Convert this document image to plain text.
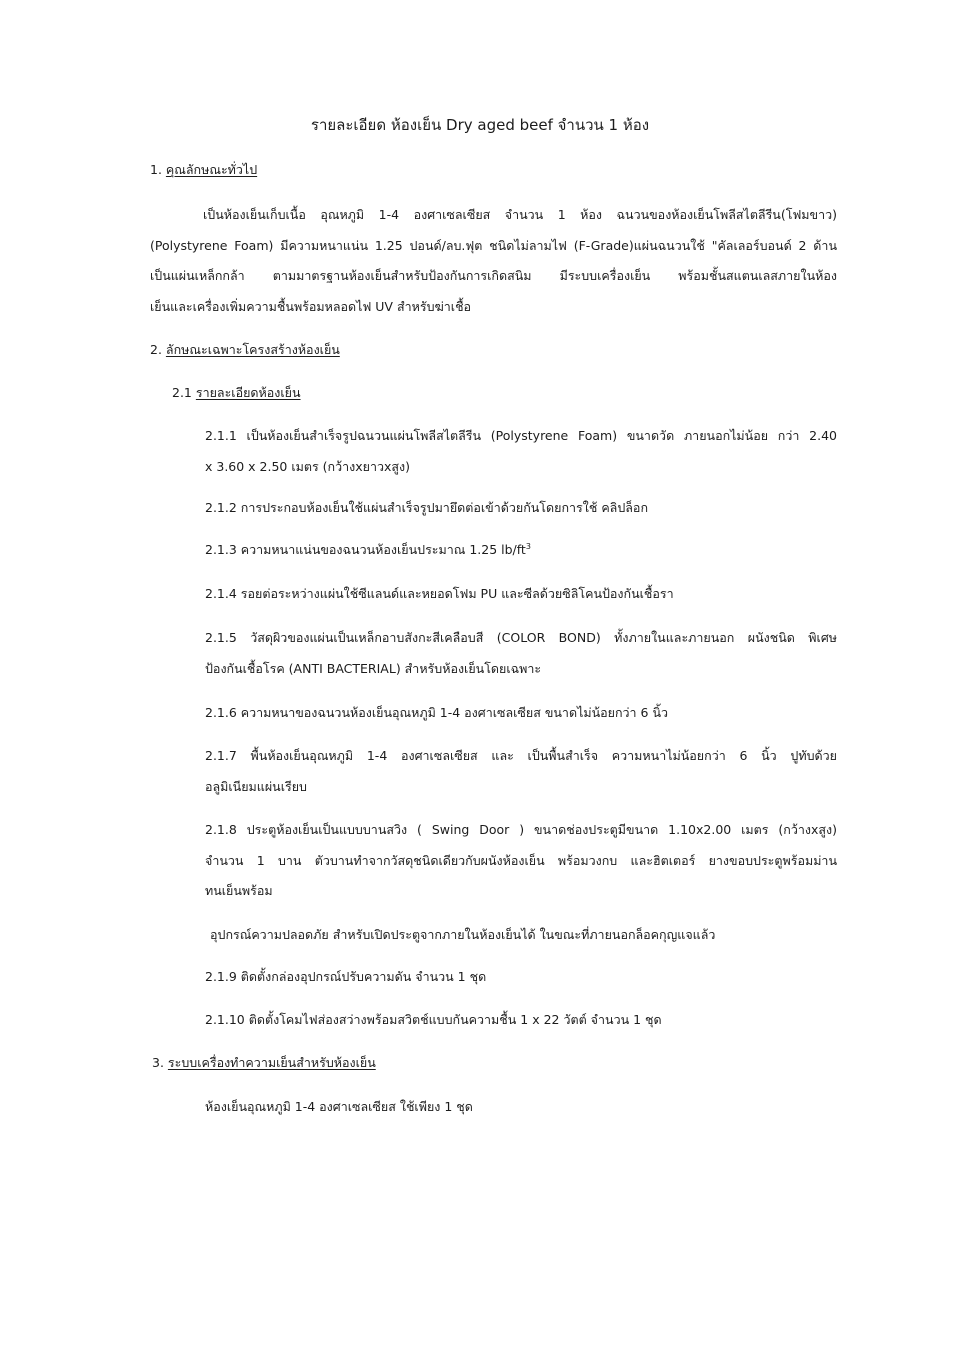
รายละเอียด ห้องเย็น Dry aged beef จำนวน 1 ห้อง
1. คุณลักษณะทั่วไป
เป็นห้องเย็นเก็บเนื้อ อุณหภูมิ 1-4 องศาเซลเซียส จำนวน 1 ห้อง ฉนวนของห้องเย็นโพลีสไตลีรีน(โฟมขาว)
(Polystyrene Foam) มีความหนาแน่น 1.25 ปอนด์/ลบ.ฟุต ชนิดไม่ลามไฟ (F-Grade)แผ่นฉนวนใช้ "คัลเลอร์บอนด์ 2 ด้าน
เป็นแผ่นเหล็กกล้า ตามมาตรฐานห้องเย็นสำหรับป้องกันการเกิดสนิม มีระบบเครื่องเย็น พร้อมชั้นสแตนเลสภายในห้อง
เย็นและเครื่องเพิ่มความชื้นพร้อมหลอดไฟ UV สำหรับฆ่าเชื้อ
2. ลักษณะเฉพาะโครงสร้างห้องเย็น
2.1 รายละเอียดห้องเย็น
2.1.1 เป็นห้องเย็นสำเร็จรูปฉนวนแผ่นโพลีสไตลีรีน (Polystyrene Foam) ขนาดวัด ภายนอกไม่น้อย กว่า 2.40
x 3.60 x 2.50 เมตร (กว้างxยาวxสูง)
2.1.2 การประกอบห้องเย็นใช้แผ่นสำเร็จรูปมายึดต่อเข้าด้วยกันโดยการใช้ คลิปล็อก
2.1.3 ความหนาแน่นของฉนวนห้องเย็นประมาณ 1.25 $lb/ft^3$
2.1.4 รอยต่อระหว่างแผ่นใช้ซีแลนด์และหยอดโฟม PU และซีลด้วยซิลิโคนป้องกันเชื้อรา
2.1.5 วัสดุผิวของแผ่นเป็นเหล็กอาบสังกะสีเคลือบสี (COLOR BOND) ทั้งภายในและภายนอก ผนังชนิด พิเศษ
ป้องกันเชื้อโรค (ANTI BACTERIAL) สำหรับห้องเย็นโดยเฉพาะ
2.1.6 ความหนาของฉนวนห้องเย็นอุณหภูมิ 1-4 องศาเซลเซียส ขนาดไม่น้อยกว่า 6 นิ้ว
2.1.7 พื้นห้องเย็นอุณหภูมิ 1-4 องศาเซลเซียส และ เป็นพื้นสำเร็จ ความหนาไม่น้อยกว่า 6 นิ้ว ปูทับด้วย
อลูมิเนียมแผ่นเรียบ
2.1.8 ประตูห้องเย็นเป็นแบบบานสวิง ( Swing Door ) ขนาดช่องประตูมีขนาด 1.10x2.00 เมตร (กว้างxสูง)
จำนวน 1 บาน ตัวบานทำจากวัสดุชนิดเดียวกับผนังห้องเย็น พร้อมวงกบ และฮิตเตอร์ ยางขอบประตูพร้อมม่าน
ทนเย็นพร้อม
อุปกรณ์ความปลอดภัย สำหรับเปิดประตูจากภายในห้องเย็นได้ ในขณะที่ภายนอกล็อคกุญแจแล้ว
2.1.9 ติดตั้งกล่องอุปกรณ์ปรับความดัน จำนวน 1 ชุด
2.1.10 ติดตั้งโคมไฟส่องสว่างพร้อมสวิตช์แบบกันความชื้น 1 x 22 วัตต์ จำนวน 1 ชุด
3. ระบบเครื่องทำความเย็นสำหรับห้องเย็น
ห้องเย็นอุณหภูมิ 1-4 องศาเซลเซียส ใช้เพียง 1 ชุด
